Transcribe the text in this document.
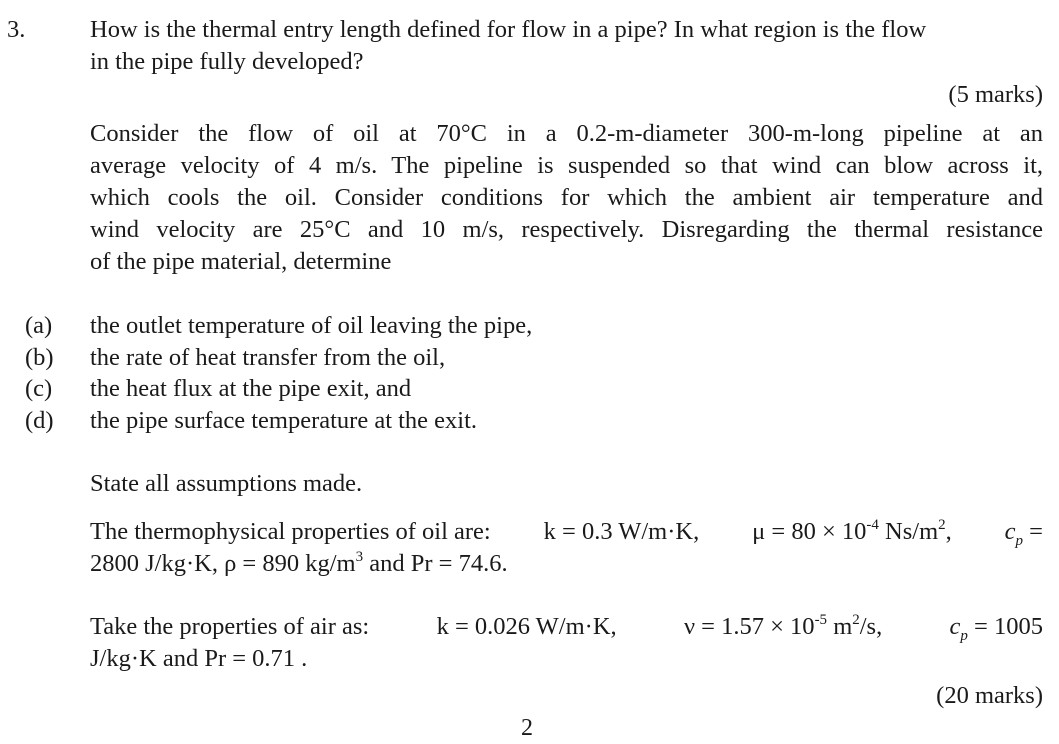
3.	How is the thermal entry length defined for flow in a pipe? In what region is the flow
in the pipe fully developed?
(5 marks)
Consider the flow of oil at 70°C in a 0.2-m-diameter 300-m-long pipeline at an
average velocity of 4 m/s. The pipeline is suspended so that wind can blow across it,
which cools the oil. Consider conditions for which the ambient air temperature and
wind velocity are 25°C and 10 m/s, respectively. Disregarding the thermal resistance
of the pipe material, determine
(a) the outlet temperature of oil leaving the pipe,
(b) the rate of heat transfer from the oil,
(c) the heat flux at the pipe exit, and
(d) the pipe surface temperature at the exit.
State all assumptions made.
The thermophysical properties of oil are: k = 0.3 W/m·K, $\mu = 80 \times 10^{-4}$ $Ns/m^2$, $c_p$ =
2800 J/kg·K, ρ = 890 $kg/m^3$ and Pr = 74.6.
Take the properties of air as:	k = 0.026 W/m·K,	$\nu = 1.57 \times 10^{-5}$ $m^2/s$,	$c_p = 1005$
J/kg·K and Pr = 0.71 .
(20 marks)
2
